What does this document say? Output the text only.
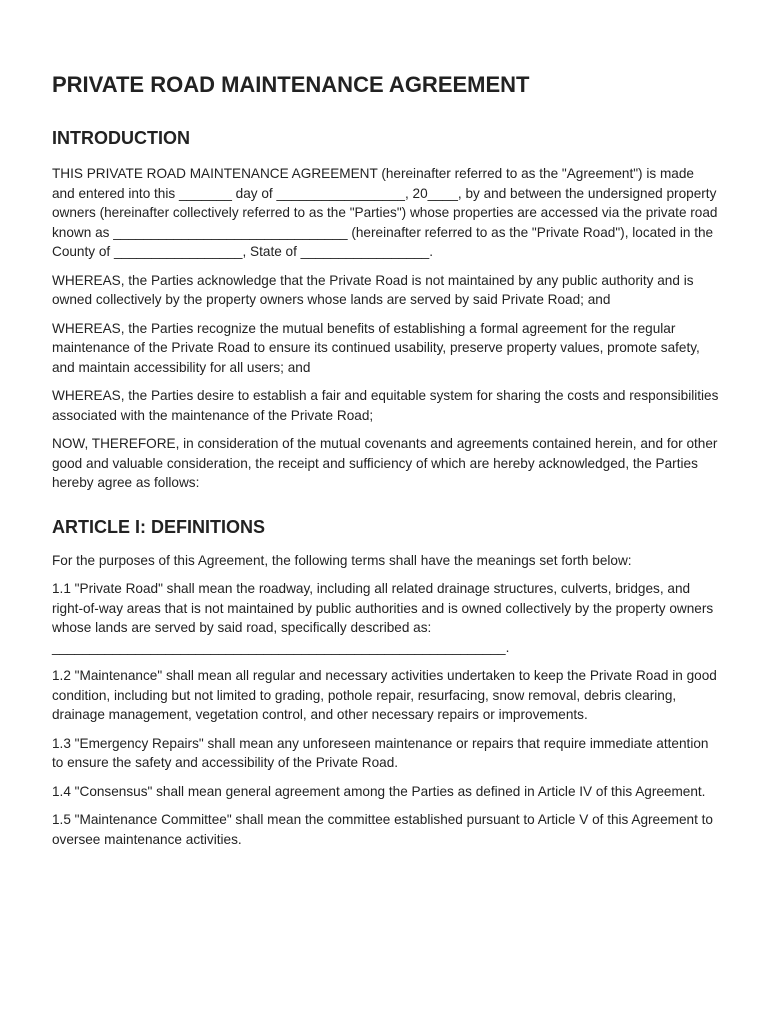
PRIVATE ROAD MAINTENANCE AGREEMENT
INTRODUCTION

THIS PRIVATE ROAD MAINTENANCE AGREEMENT (hereinafter referred to as the "Agreement") is made and entered into this _______ day of _________________, 20____, by and between the undersigned property owners (hereinafter collectively referred to as the "Parties") whose properties are accessed via the private road known as _______________________________ (hereinafter referred to as the "Private Road"), located in the County of _________________, State of _________________.

WHEREAS, the Parties acknowledge that the Private Road is not maintained by any public authority and is owned collectively by the property owners whose lands are served by said Private Road; and

WHEREAS, the Parties recognize the mutual benefits of establishing a formal agreement for the regular maintenance of the Private Road to ensure its continued usability, preserve property values, promote safety, and maintain accessibility for all users; and

WHEREAS, the Parties desire to establish a fair and equitable system for sharing the costs and responsibilities associated with the maintenance of the Private Road;

NOW, THEREFORE, in consideration of the mutual covenants and agreements contained herein, and for other good and valuable consideration, the receipt and sufficiency of which are hereby acknowledged, the Parties hereby agree as follows:

ARTICLE I: DEFINITIONS

For the purposes of this Agreement, the following terms shall have the meanings set forth below:

1.1 "Private Road" shall mean the roadway, including all related drainage structures, culverts, bridges, and right-of-way areas that is not maintained by public authorities and is owned collectively by the property owners whose lands are served by said road, specifically described as: ____________________________________________________________.

1.2 "Maintenance" shall mean all regular and necessary activities undertaken to keep the Private Road in good condition, including but not limited to grading, pothole repair, resurfacing, snow removal, debris clearing, drainage management, vegetation control, and other necessary repairs or improvements.

1.3 "Emergency Repairs" shall mean any unforeseen maintenance or repairs that require immediate attention to ensure the safety and accessibility of the Private Road.

1.4 "Consensus" shall mean general agreement among the Parties as defined in Article IV of this Agreement.

1.5 "Maintenance Committee" shall mean the committee established pursuant to Article V of this Agreement to oversee maintenance activities.
